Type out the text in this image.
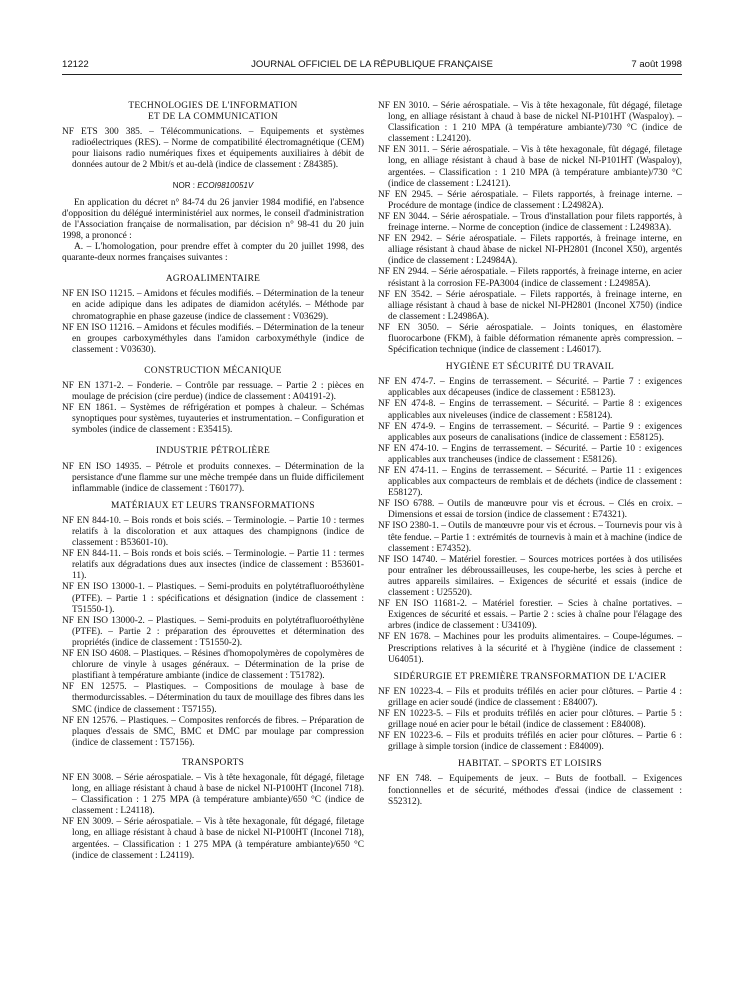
12122	JOURNAL OFFICIEL DE LA RÉPUBLIQUE FRANÇAISE	7 août 1998
TECHNOLOGIES DE L'INFORMATION
ET DE LA COMMUNICATION

NF ETS 300 385. – Télécommunications. – Equipements et systèmes radioélectriques (RES). – Norme de compatibilité électromagnétique (CEM) pour liaisons radio numériques fixes et équipements auxiliaires à débit de données autour de 2 Mbit/s et au-delà (indice de classement : Z84385).

NOR : ECOI9810051V

En application du décret n° 84-74 du 26 janvier 1984 modifié, en l'absence d'opposition du délégué interministériel aux normes, le conseil d'administration de l'Association française de normalisation, par décision n° 98-41 du 20 juin 1998, a prononcé :

A. – L'homologation, pour prendre effet à compter du 20 juillet 1998, des quarante-deux normes françaises suivantes :

AGROALIMENTAIRE

NF EN ISO 11215. – Amidons et fécules modifiés. – Détermination de la teneur en acide adipique dans les adipates de diamidon acétylés. – Méthode par chromatographie en phase gazeuse (indice de classement : V03629).

NF EN ISO 11216. – Amidons et fécules modifiés. – Détermination de la teneur en groupes carboxyméthyles dans l'amidon carboxyméthyle (indice de classement : V03630).

CONSTRUCTION MÉCANIQUE

NF EN 1371-2. – Fonderie. – Contrôle par ressuage. – Partie 2 : pièces en moulage de précision (cire perdue) (indice de classement : A04191-2).

NF EN 1861. – Systèmes de réfrigération et pompes à chaleur. – Schémas synoptiques pour systèmes, tuyauteries et instrumentation. – Configuration et symboles (indice de classement : E35415).

INDUSTRIE PÉTROLIÈRE

NF EN ISO 14935. – Pétrole et produits connexes. – Détermination de la persistance d'une flamme sur une mèche trempée dans un fluide difficilement inflammable (indice de classement : T60177).

MATÉRIAUX ET LEURS TRANSFORMATIONS

NF EN 844-10. – Bois ronds et bois sciés. – Terminologie. – Partie 10 : termes relatifs à la discoloration et aux attaques des champignons (indice de classement : B53601-10).

NF EN 844-11. – Bois ronds et bois sciés. – Terminologie. – Partie 11 : termes relatifs aux dégradations dues aux insectes (indice de classement : B53601-11).

NF EN ISO 13000-1. – Plastiques. – Semi-produits en polytétrafluoroéthylène (PTFE). – Partie 1 : spécifications et désignation (indice de classement : T51550-1).

NF EN ISO 13000-2. – Plastiques. – Semi-produits en polytétrafluoroéthylène (PTFE). – Partie 2 : préparation des éprouvettes et détermination des propriétés (indice de classement : T51550-2).

NF EN ISO 4608. – Plastiques. – Résines d'homopolymères de copolymères de chlorure de vinyle à usages généraux. – Détermination de la prise de plastifiant à température ambiante (indice de classement : T51782).

NF EN 12575. – Plastiques. – Compositions de moulage à base de thermodurcissables. – Détermination du taux de mouillage des fibres dans les SMC (indice de classement : T57155).

NF EN 12576. – Plastiques. – Composites renforcés de fibres. – Préparation de plaques d'essais de SMC, BMC et DMC par moulage par compression (indice de classement : T57156).

TRANSPORTS

NF EN 3008. – Série aérospatiale. – Vis à tête hexagonale, fût dégagé, filetage long, en alliage résistant à chaud à base de nickel NI-P100HT (Inconel 718). – Classification : 1 275 MPA (à température ambiante)/650 °C (indice de classement : L24118).

NF EN 3009. – Série aérospatiale. – Vis à tête hexagonale, fût dégagé, filetage long, en alliage résistant à chaud à base de nickel NI-P100HT (Inconel 718), argentées. – Classification : 1 275 MPA (à température ambiante)/650 °C (indice de classement : L24119).

NF EN 3010. – Série aérospatiale. – Vis à tête hexagonale, fût dégagé, filetage long, en alliage résistant à chaud à base de nickel NI-P101HT (Waspaloy). – Classification : 1 210 MPA (à température ambiante)/730 °C (indice de classement : L24120).

NF EN 3011. – Série aérospatiale. – Vis à tête hexagonale, fût dégagé, filetage long, en alliage résistant à chaud à base de nickel NI-P101HT (Waspaloy), argentées. – Classification : 1 210 MPA (à température ambiante)/730 °C (indice de classement : L24121).

NF EN 2945. – Série aérospatiale. – Filets rapportés, à freinage interne. – Procédure de montage (indice de classement : L24982A).

NF EN 3044. – Série aérospatiale. – Trous d'installation pour filets rapportés, à freinage interne. – Norme de conception (indice de classement : L24983A).

NF EN 2942. – Série aérospatiale. – Filets rapportés, à freinage interne, en alliage résistant à chaud àbase de nickel NI-PH2801 (Inconel X50), argentés (indice de classement : L24984A).

NF EN 2944. – Série aérospatiale. – Filets rapportés, à freinage interne, en acier résistant à la corrosion FE-PA3004 (indice de classement : L24985A).

NF EN 3542. – Série aérospatiale. – Filets rapportés, à freinage interne, en alliage résistant à chaud à base de nickel NI-PH2801 (Inconel X750) (indice de classement : L24986A).

NF EN 3050. – Série aérospatiale. – Joints toniques, en élastomère fluorocarbone (FKM), à faible déformation rémanente après compression. – Spécification technique (indice de classement : L46017).

HYGIÈNE ET SÉCURITÉ DU TRAVAIL

NF EN 474-7. – Engins de terrassement. – Sécurité. – Partie 7 : exigences applicables aux décapeuses (indice de classement : E58123).

NF EN 474-8. – Engins de terrassement. – Sécurité. – Partie 8 : exigences applicables aux niveleuses (indice de classement : E58124).

NF EN 474-9. – Engins de terrassement. – Sécurité. – Partie 9 : exigences applicables aux poseurs de canalisations (indice de classement : E58125).

NF EN 474-10. – Engins de terrassement. – Sécurité. – Partie 10 : exigences applicables aux trancheuses (indice de classement : E58126).

NF EN 474-11. – Engins de terrassement. – Sécurité. – Partie 11 : exigences applicables aux compacteurs de remblais et de déchets (indice de classement : E58127).

NF ISO 6788. – Outils de manœuvre pour vis et écrous. – Clés en croix. – Dimensions et essai de torsion (indice de classement : E74321).

NF ISO 2380-1. – Outils de manœuvre pour vis et écrous. – Tournevis pour vis à tête fendue. – Partie 1 : extrémités de tournevis à main et à machine (indice de classement : E74352).

NF ISO 14740. – Matériel forestier. – Sources motrices portées à dos utilisées pour entraîner les débroussailleuses, les coupe-herbe, les scies à perche et autres appareils similaires. – Exigences de sécurité et essais (indice de classement : U25520).

NF EN ISO 11681-2. – Matériel forestier. – Scies à chaîne portatives. – Exigences de sécurité et essais. – Partie 2 : scies à chaîne pour l'élagage des arbres (indice de classement : U34109).

NF EN 1678. – Machines pour les produits alimentaires. – Coupe-légumes. – Prescriptions relatives à la sécurité et à l'hygiène (indice de classement : U64051).

SIDÉRURGIE ET PREMIÈRE TRANSFORMATION DE L'ACIER

NF EN 10223-4. – Fils et produits tréfilés en acier pour clôtures. – Partie 4 : grillage en acier soudé (indice de classement : E84007).

NF EN 10223-5. – Fils et produits tréfilés en acier pour clôtures. – Partie 5 : grillage noué en acier pour le bétail (indice de classement : E84008).

NF EN 10223-6. – Fils et produits tréfilés en acier pour clôtures. – Partie 6 : grillage à simple torsion (indice de classement : E84009).

HABITAT. – SPORTS ET LOISIRS

NF EN 748. – Equipements de jeux. – Buts de football. – Exigences fonctionnelles et de sécurité, méthodes d'essai (indice de classement : S52312).
